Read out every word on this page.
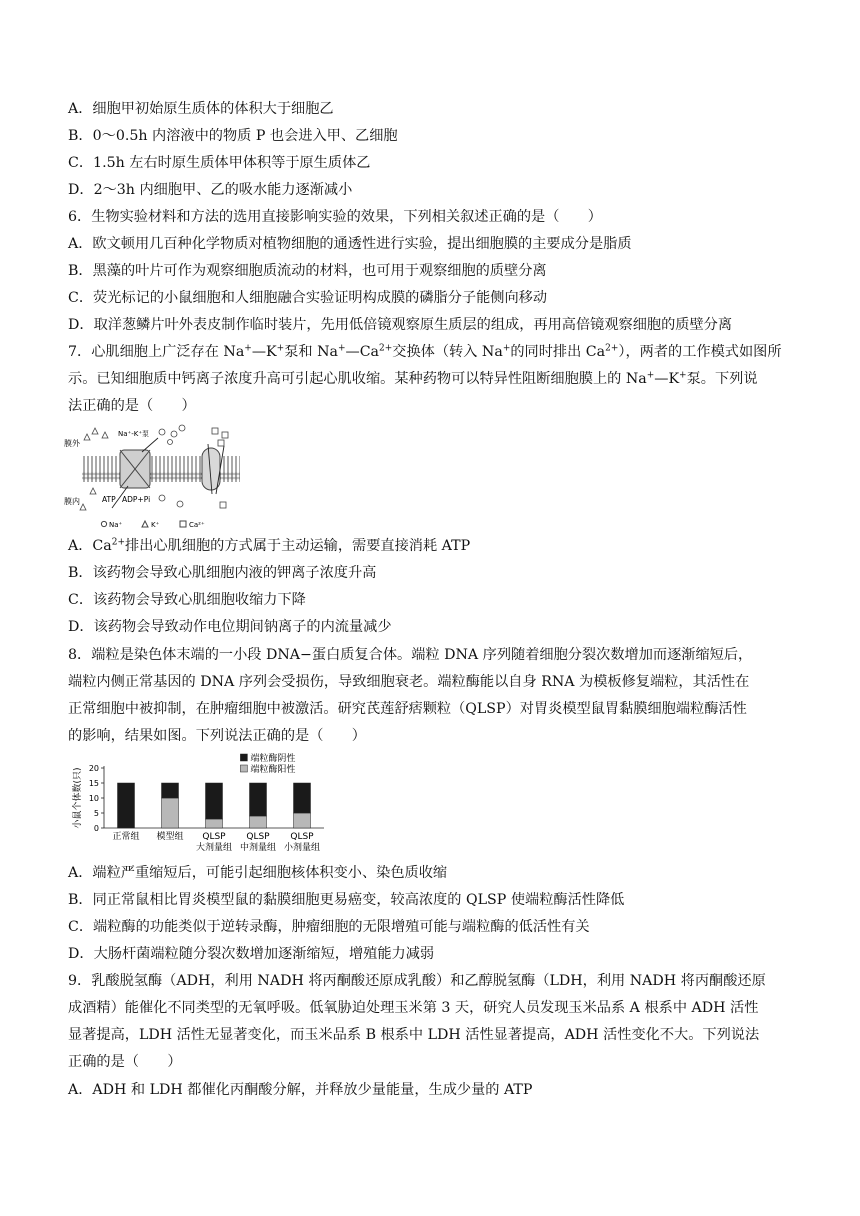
A．细胞甲初始原生质体的体积大于细胞乙
B．0～0.5h 内溶液中的物质 P 也会进入甲、乙细胞
C．1.5h 左右时原生质体甲体积等于原生质体乙
D．2～3h 内细胞甲、乙的吸水能力逐渐减小
6．生物实验材料和方法的选用直接影响实验的效果，下列相关叙述正确的是（　　）
A．欧文顿用几百种化学物质对植物细胞的通透性进行实验，提出细胞膜的主要成分是脂质
B．黑藻的叶片可作为观察细胞质流动的材料，也可用于观察细胞的质壁分离
C．荧光标记的小鼠细胞和人细胞融合实验证明构成膜的磷脂分子能侧向移动
D．取洋葱鳞片叶外表皮制作临时装片，先用低倍镜观察原生质层的组成，再用高倍镜观察细胞的质壁分离
7．心肌细胞上广泛存在 Na+—K+泵和 $Na^+—Ca^{2+}$交换体（转入 Na+的同时排出 $Ca^{2+}$），两者的工作模式如图所
示。已知细胞质中钙离子浓度升高可引起心肌收缩。某种药物可以特异性阻断细胞膜上的 Na+—K+泵。下列说
法正确的是（　　）
膜外
膜内
Na⁺-K⁺泵
ATP ADP+Pi
Na⁺	K⁺	Ca²⁺
A．$Ca^{2+}$排出心肌细胞的方式属于主动运输，需要直接消耗 ATP
B．该药物会导致心肌细胞内液的钾离子浓度升高
C．该药物会导致心肌细胞收缩力下降
D．该药物会导致动作电位期间钠离子的内流量减少
8．端粒是染色体末端的一小段 DNA−蛋白质复合体。端粒 DNA 序列随着细胞分裂次数增加而逐渐缩短后，
端粒内侧正常基因的 DNA 序列会受损伤，导致细胞衰老。端粒酶能以自身 RNA 为模板修复端粒，其活性在
正常细胞中被抑制，在肿瘤细胞中被激活。研究芪莲舒痞颗粒（QLSP）对胃炎模型鼠胃黏膜细胞端粒酶活性
的影响，结果如图。下列说法正确的是（　　）
小鼠个体数(只) 0
5
10
15
20
正常组 模型组 QLSP
大剂量组
QLSP
中剂量组
QLSP
小剂量组
端粒酶阴性
端粒酶阳性
A．端粒严重缩短后，可能引起细胞核体积变小、染色质收缩
B．同正常鼠相比胃炎模型鼠的黏膜细胞更易癌变，较高浓度的 QLSP 使端粒酶活性降低
C．端粒酶的功能类似于逆转录酶，肿瘤细胞的无限增殖可能与端粒酶的低活性有关
D．大肠杆菌端粒随分裂次数增加逐渐缩短，增殖能力减弱
9．乳酸脱氢酶（ADH，利用 NADH 将丙酮酸还原成乳酸）和乙醇脱氢酶（LDH，利用 NADH 将丙酮酸还原
成酒精）能催化不同类型的无氧呼吸。低氧胁迫处理玉米第 3 天，研究人员发现玉米品系 A 根系中 ADH 活性
显著提高，LDH 活性无显著变化，而玉米品系 B 根系中 LDH 活性显著提高，ADH 活性变化不大。下列说法
正确的是（　　）
A．ADH 和 LDH 都催化丙酮酸分解，并释放少量能量，生成少量的 ATP
